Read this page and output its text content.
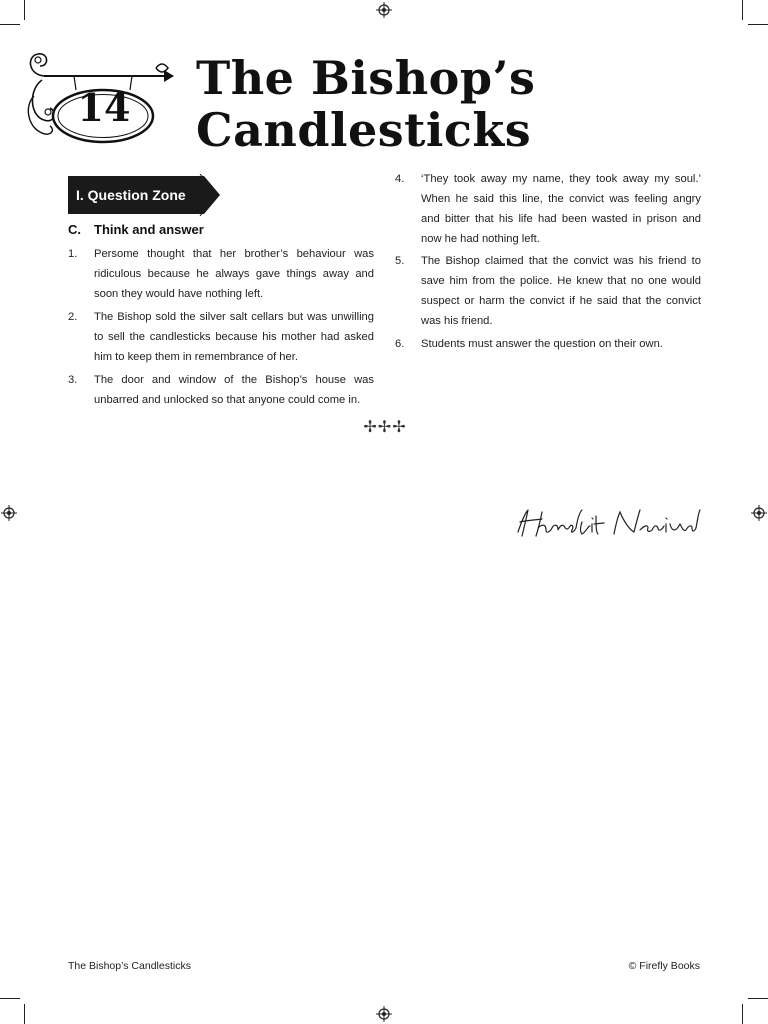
14
The Bishop’s
Candlesticks
I. Question Zone
C. Think and answer
1.	Persome thought that her brother’s behaviour was ridiculous because he always gave things away and soon they would have nothing left.
2.	The Bishop sold the silver salt cellars but was unwilling to sell the candlesticks because his mother had asked him to keep them in remembrance of her.
3.	The door and window of the Bishop’s house was unbarred and unlocked so that anyone could come in.
4.	‘They took away my name, they took away my soul.’ When he said this line, the convict was feeling angry and bitter that his life had been wasted in prison and now he had nothing left.
5.	The Bishop claimed that the convict was his friend to save him from the police. He knew that no one would suspect or harm the convict if he said that the convict was his friend.
6.	Students must answer the question on their own.
✢✢✢
The Bishop’s Candlesticks	© Firefly Books
